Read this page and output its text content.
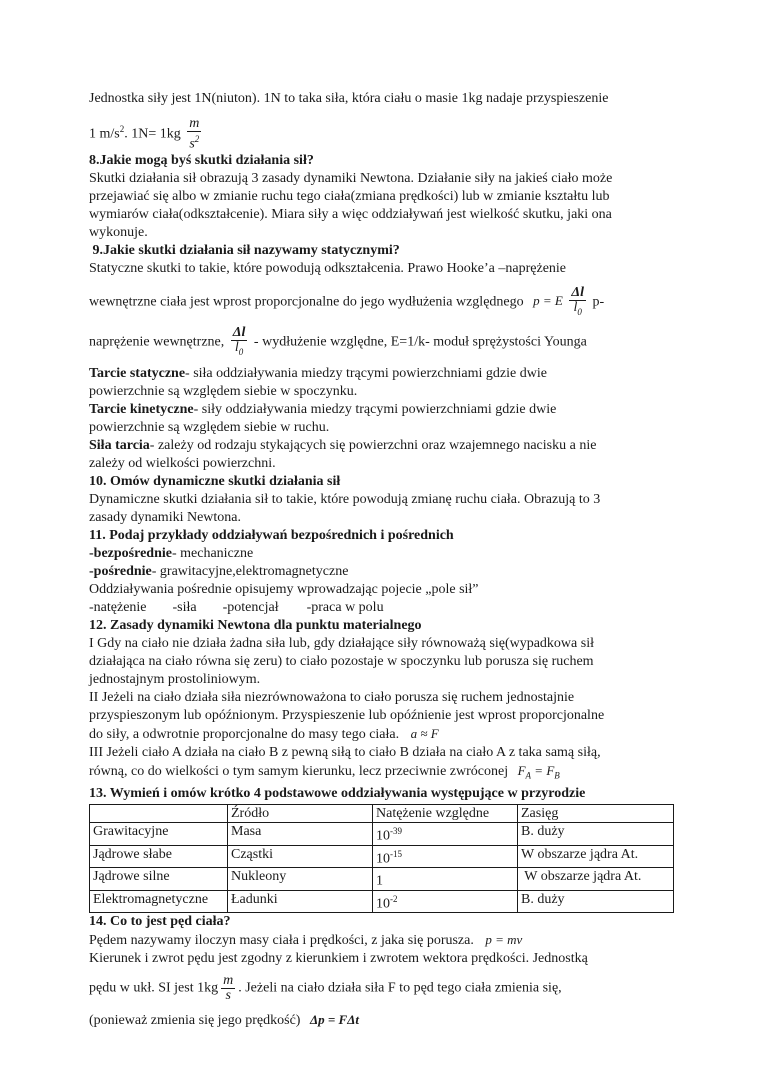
Jednostka siły jest 1N(niuton). 1N to taka siła, która ciału o masie 1kg nadaje przyspieszenie

1 $m/s^2$. $1N= 1kg \frac{m}{s^2}$

8.Jakie mogą byś skutki działania sił?

Skutki działania sił obrazują 3 zasady dynamiki Newtona. Działanie siły na jakieś ciało może

przejawiać się albo w zmianie ruchu tego ciała(zmiana prędkości) lub w zmianie kształtu lub

wymiarów ciała(odkształcenie). Miara siły a więc oddziaływań jest wielkość skutku, jaki ona

wykonuje.

9.Jakie skutki działania sił nazywamy statycznymi?

Statyczne skutki to takie, które powodują odkształcenia. Prawo Hooke’a –naprężenie

wewnętrzne ciała jest wprost proporcjonalne do jego wydłużenia względnego p = E $\frac{\Delta l}{l_0} p-$

naprężenie wewnętrzne, $\frac{\Delta l}{l_0}$ - wydłużenie względne, E=1/k- moduł sprężystości Younga

Tarcie statyczne- siła oddziaływania miedzy trącymi powierzchniami gdzie dwie

powierzchnie są względem siebie w spoczynku.

Tarcie kinetyczne- siły oddziaływania miedzy trącymi powierzchniami gdzie dwie

powierzchnie są względem siebie w ruchu.

Siła tarcia- zależy od rodzaju stykających się powierzchni oraz wzajemnego nacisku a nie

zależy od wielkości powierzchni.

10. Omów dynamiczne skutki działania sił

Dynamiczne skutki działania sił to takie, które powodują zmianę ruchu ciała. Obrazują to 3

zasady dynamiki Newtona.

11. Podaj przykłady oddziaływań bezpośrednich i pośrednich

-bezpośrednie- mechaniczne

-pośrednie- grawitacyjne,elektromagnetyczne

Oddziaływania pośrednie opisujemy wprowadzając pojecie „pole sił”

-natężenie -siła -potencjał -praca w polu

12. Zasady dynamiki Newtona dla punktu materialnego

I Gdy na ciało nie działa żadna siła lub, gdy działające siły równoważą się(wypadkowa sił

działająca na ciało równa się zeru) to ciało pozostaje w spoczynku lub porusza się ruchem

jednostajnym prostoliniowym.

II Jeżeli na ciało działa siła niezrównoważona to ciało porusza się ruchem jednostajnie

przyspieszonym lub opóźnionym. Przyspieszenie lub opóźnienie jest wprost proporcjonalne

do siły, a odwrotnie proporcjonalne do masy tego ciała. a ≈ F

III Jeżeli ciało A działa na ciało B z pewną siłą to ciało B działa na ciało A z taka samą siłą,

równą, co do wielkości o tym samym kierunku, lecz przeciwnie zwróconej $F_A = F_B$

13. Wymień i omów krótko 4 podstawowe oddziaływania występujące w przyrodzie

	Źródło	Natężenie względne	Zasięg
Grawitacyjne	Masa	$10^{-39}$	B. duży
Jądrowe słabe	Cząstki	$10^{-15}$	W obszarze jądra At.
Jądrowe silne	Nukleony	1	W obszarze jądra At.
Elektromagnetyczne	Ładunki	$10^{-2}$	B. duży

14. Co to jest pęd ciała?

Pędem nazywamy iloczyn masy ciała i prędkości, z jaka się porusza. p = mv

Kierunek i zwrot pędu jest zgodny z kierunkiem i zwrotem wektora prędkości. Jednostką

pędu w ukł. SI jest $1kg \frac{m}{s}$ . Jeżeli na ciało działa siła F to pęd tego ciała zmienia się,

(ponieważ zmienia się jego prędkość) Δp = FΔt
